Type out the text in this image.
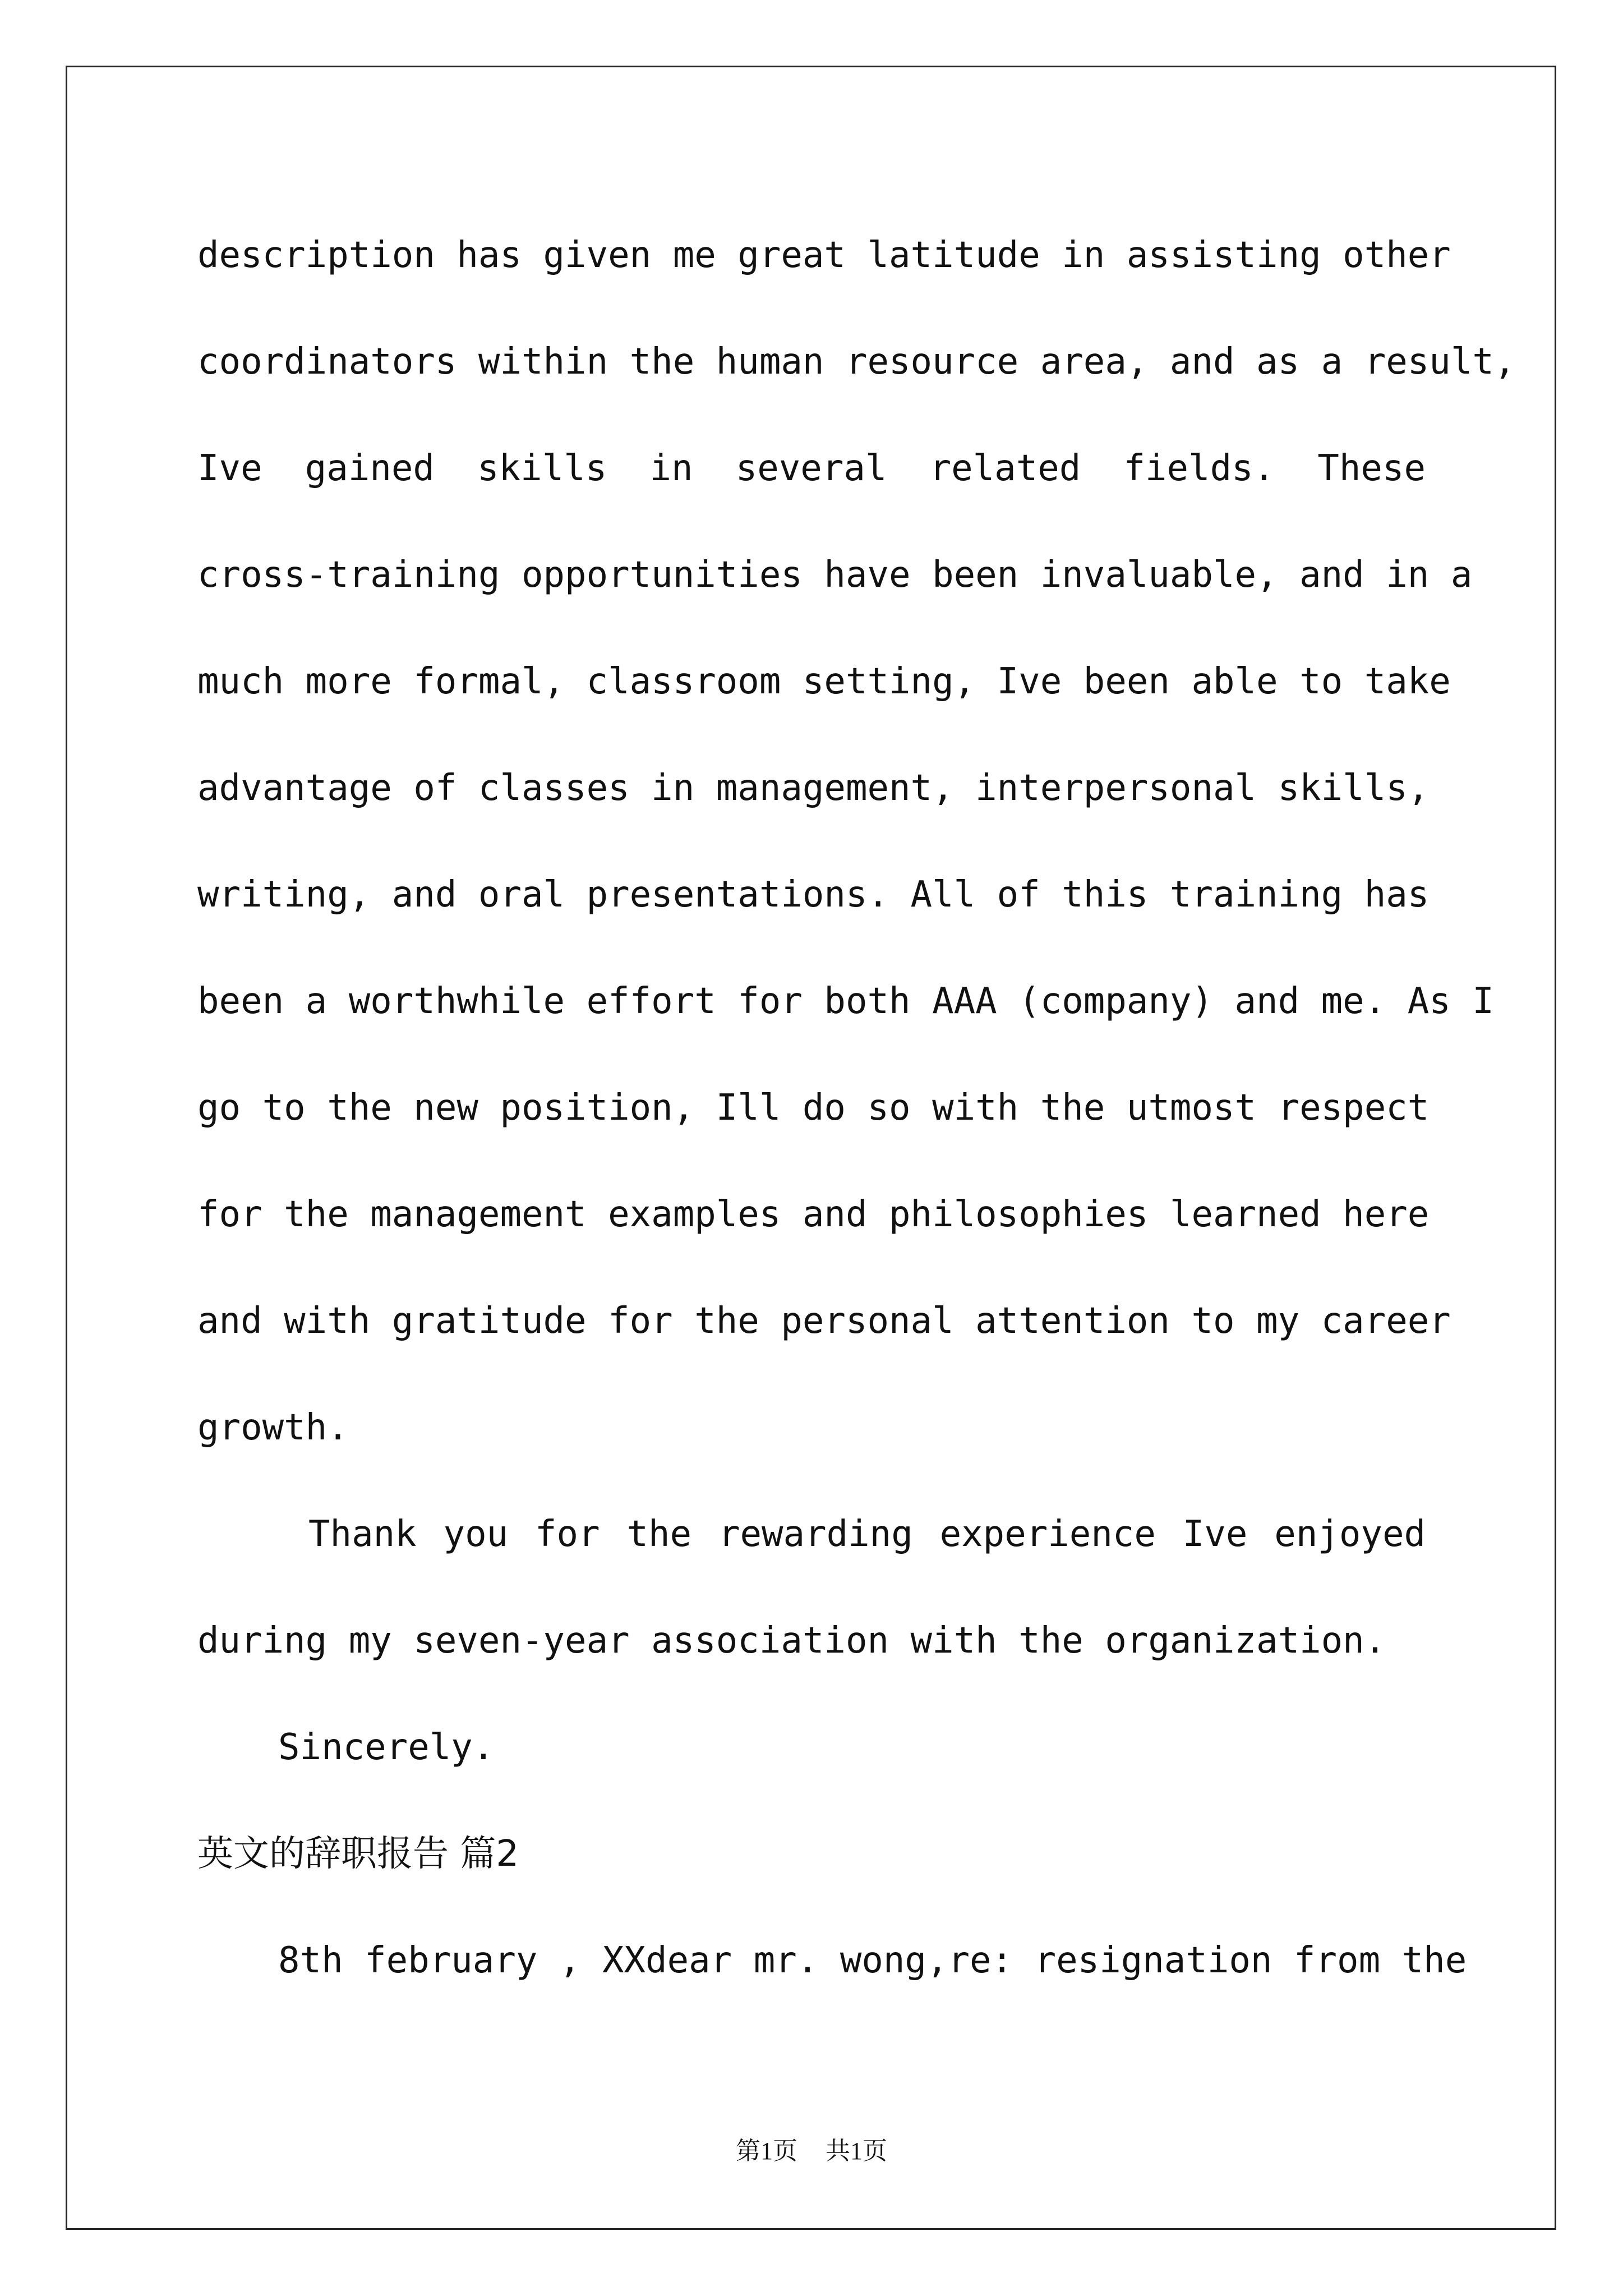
description has given me great latitude in assisting other
coordinators within the human resource area, and as a result,
Ive gained skills in several related fields. These
cross-training opportunities have been invaluable, and in a
much more formal, classroom setting, Ive been able to take
advantage of classes in management, interpersonal skills,
writing, and oral presentations. All of this training has
been a worthwhile effort for both AAA (company) and me. As I
go to the new position, Ill do so with the utmost respect
for the management examples and philosophies learned here
and with gratitude for the personal attention to my career
growth.
Thank you for the rewarding experience Ive enjoyed
during my seven-year association with the organization.
Sincerely.
英文的辞职报告 篇2
8th february , XXdear mr. wong,re: resignation from the
第1页 共1页
